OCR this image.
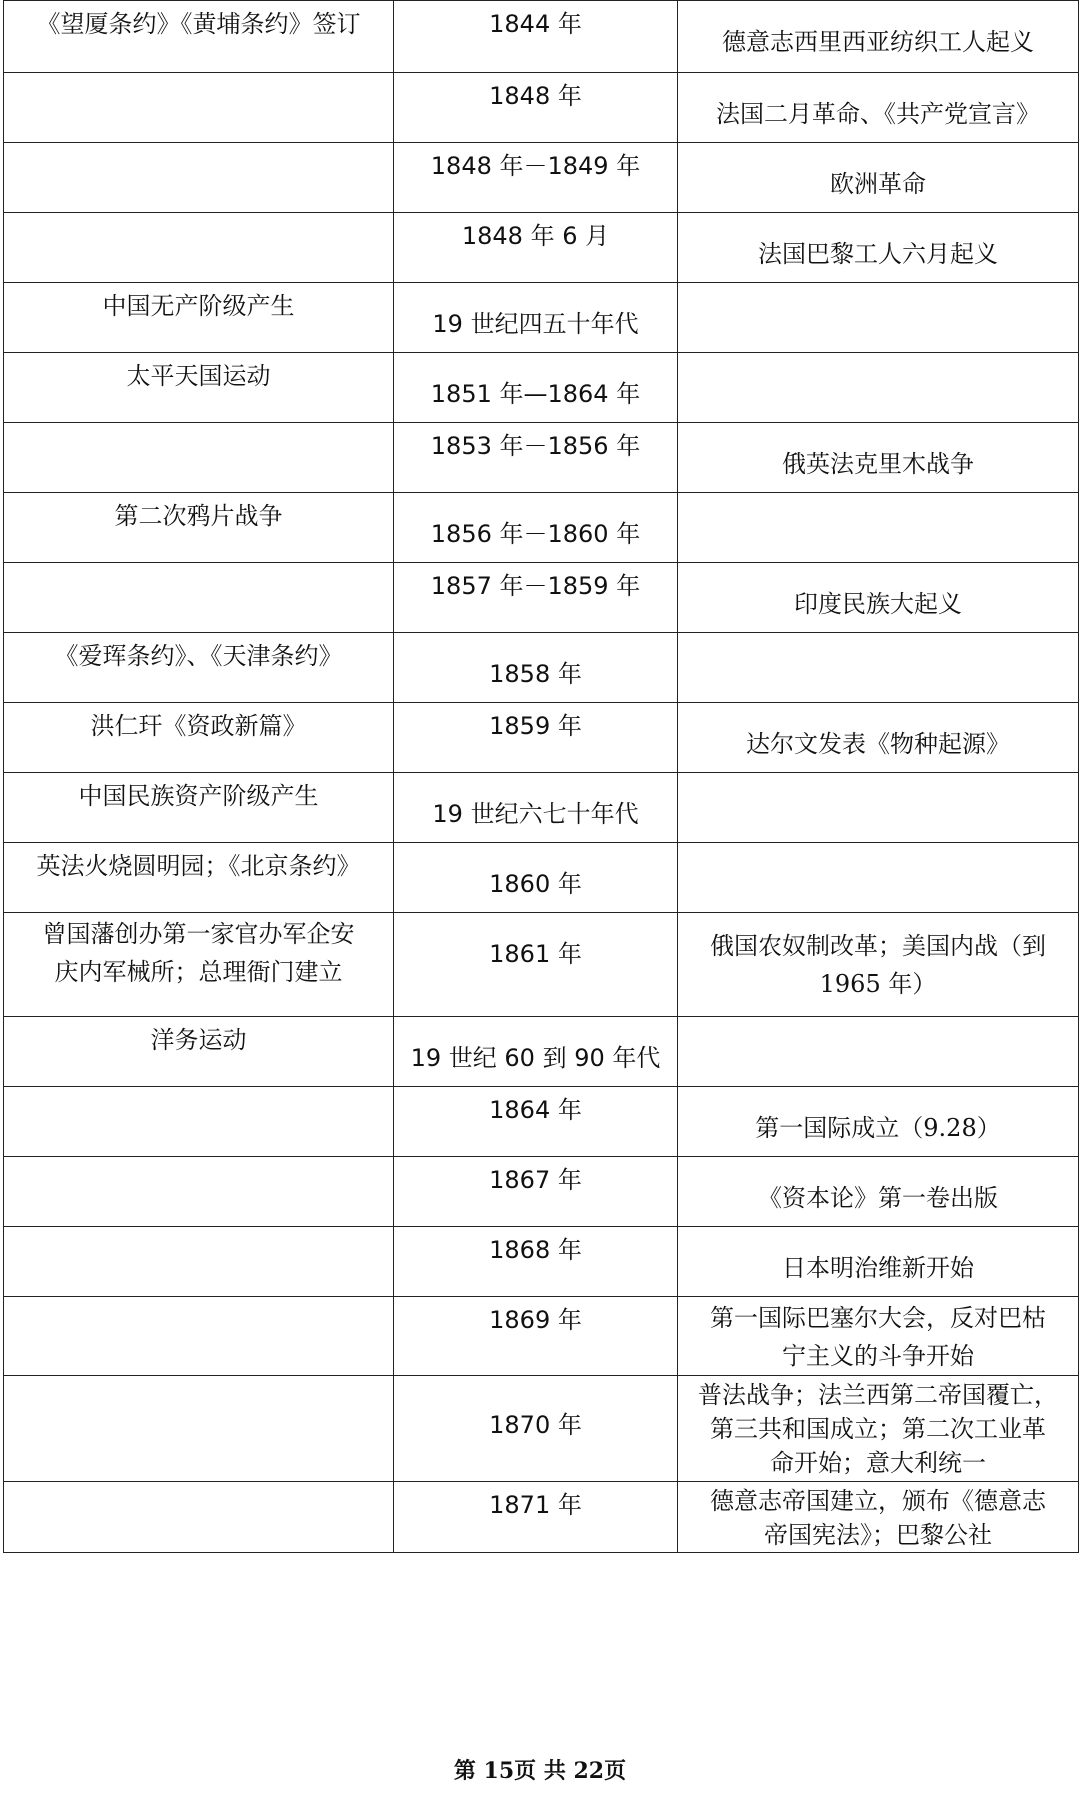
《望厦条约》《黄埔条约》签订	1844 年	德意志西里西亚纺织工人起义

	1848 年	法国二月革命、《共产党宣言》

	1848 年－1849 年	欧洲革命

	1848 年 6 月	法国巴黎工人六月起义

中国无产阶级产生	19 世纪四五十年代	

太平天国运动	1851 年—1864 年	

	1853 年－1856 年	俄英法克里木战争

第二次鸦片战争	1856 年－1860 年	

	1857 年－1859 年	印度民族大起义

《爱珲条约》、《天津条约》	1858 年	

洪仁玕《资政新篇》	1859 年	达尔文发表《物种起源》

中国民族资产阶级产生	19 世纪六七十年代	

英法火烧圆明园；《北京条约》	1860 年	

曾国藩创办第一家官办军企安
庆内军械所；总理衙门建立	1861 年	俄国农奴制改革；美国内战（到
1965 年）

洋务运动	19 世纪 60 到 90 年代	

	1864 年	第一国际成立（9.28）

	1867 年	《资本论》第一卷出版

	1868 年	日本明治维新开始

	1869 年	第一国际巴塞尔大会，反对巴枯
宁主义的斗争开始

	1870 年	普法战争；法兰西第二帝国覆亡，
第三共和国成立；第二次工业革
命开始；意大利统一

	1871 年	德意志帝国建立，颁布《德意志
帝国宪法》；巴黎公社
第 15页 共 22页
